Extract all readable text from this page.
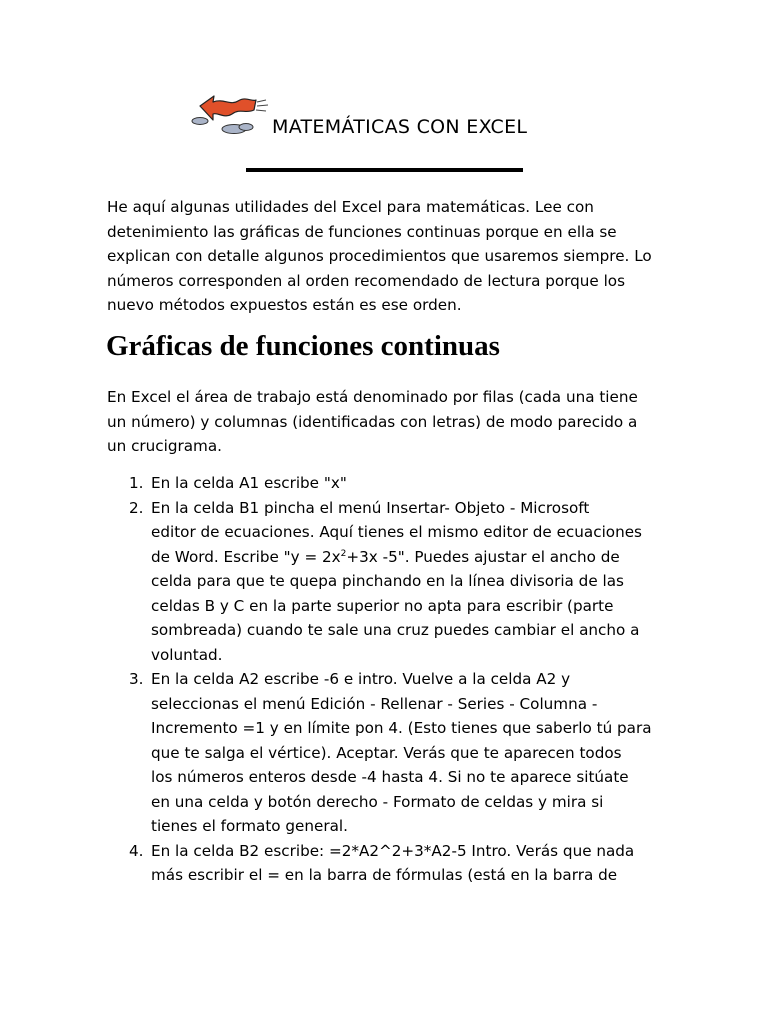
MATEMÁTICAS CON EXCEL
He aquí algunas utilidades del Excel para matemáticas. Lee con
detenimiento las gráficas de funciones continuas porque en ella se
explican con detalle algunos procedimientos que usaremos siempre. Lo
números corresponden al orden recomendado de lectura porque los
nuevo métodos expuestos están es ese orden.
Gráficas de funciones continuas
En Excel el área de trabajo está denominado por filas (cada una tiene
un número) y columnas (identificadas con letras) de modo parecido a
un crucigrama.
1. En la celda A1 escribe "x"
2. En la celda B1 pincha el menú Insertar- Objeto - Microsoft
editor de ecuaciones. Aquí tienes el mismo editor de ecuaciones
de Word. Escribe "$y = 2x^2+3x$ -5". Puedes ajustar el ancho de
celda para que te quepa pinchando en la línea divisoria de las
celdas B y C en la parte superior no apta para escribir (parte
sombreada) cuando te sale una cruz puedes cambiar el ancho a
voluntad.
3. En la celda A2 escribe -6 e intro. Vuelve a la celda A2 y
seleccionas el menú Edición - Rellenar - Series - Columna -
Incremento =1 y en límite pon 4. (Esto tienes que saberlo tú para
que te salga el vértice). Aceptar. Verás que te aparecen todos
los números enteros desde -4 hasta 4. Si no te aparece sitúate
en una celda y botón derecho - Formato de celdas y mira si
tienes el formato general.
4. En la celda B2 escribe: =2*A2^2+3*A2-5 Intro. Verás que nada
más escribir el = en la barra de fórmulas (está en la barra de
